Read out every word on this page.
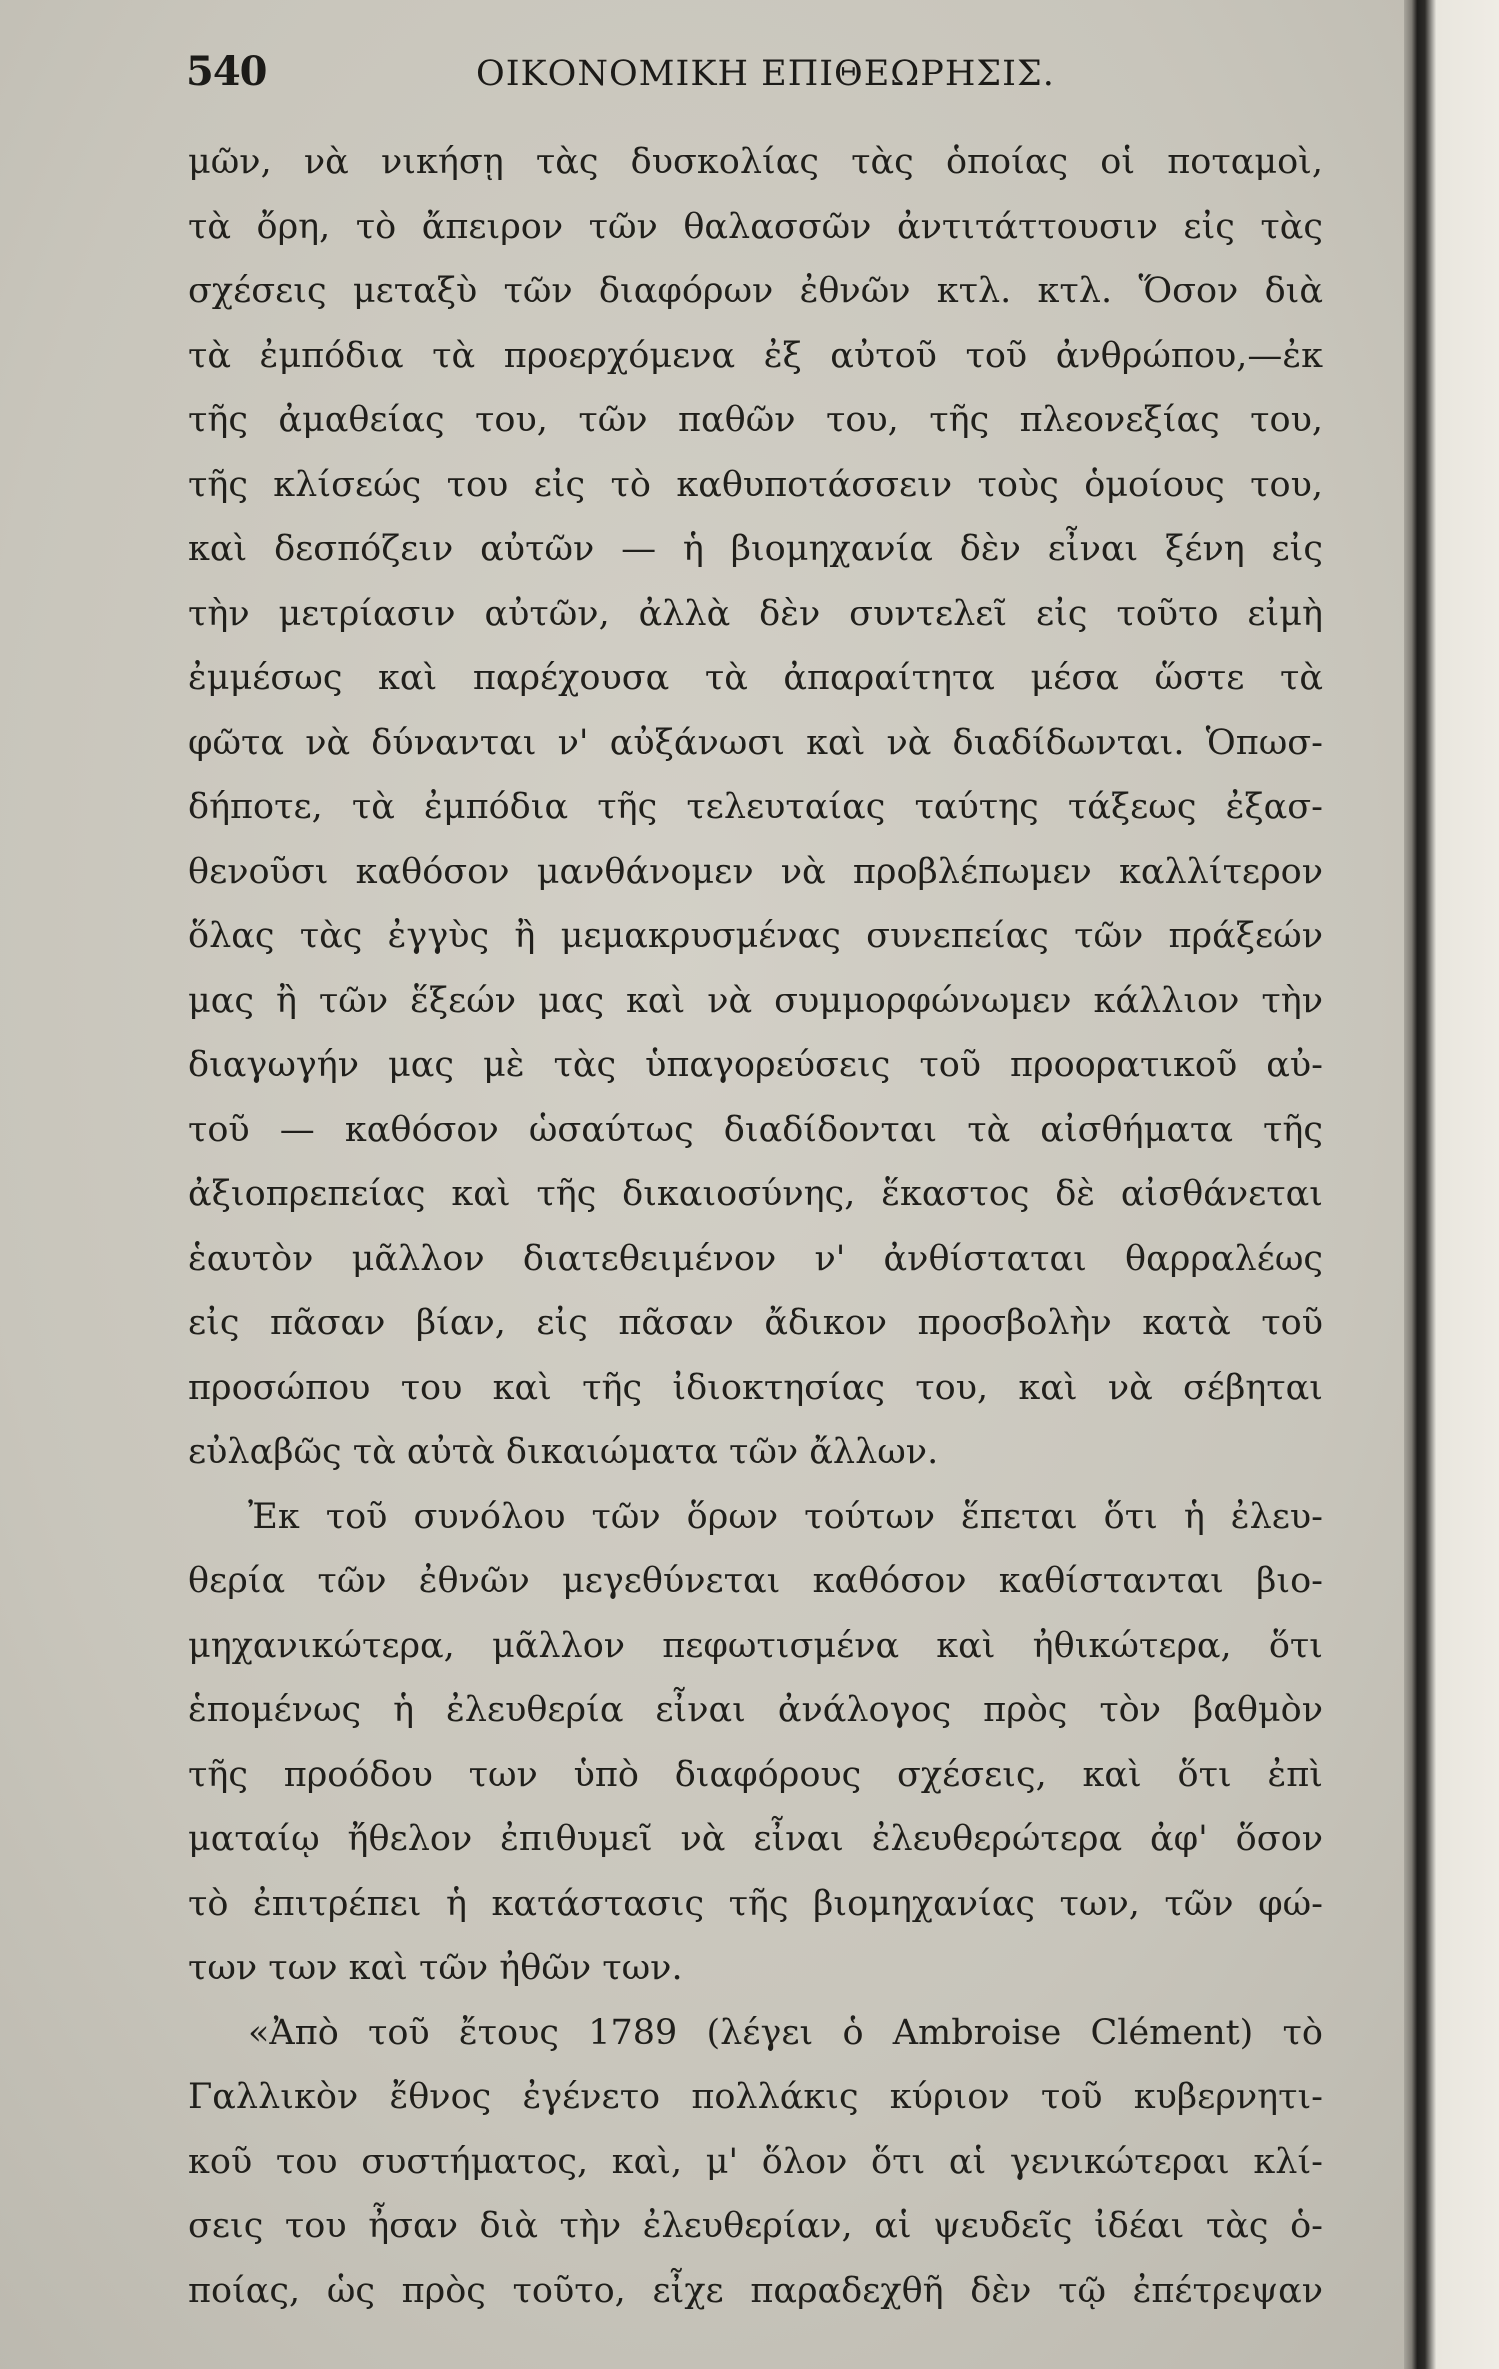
540	ΟΙΚΟΝΟΜΙΚΗ ΕΠΙΘΕΩΡΗΣΙΣ.
μῶν, νὰ νικήσῃ τὰς δυσκολίας τὰς ὁποίας οἱ ποταμοὶ,
τὰ ὄρη, τὸ ἄπειρον τῶν θαλασσῶν ἀντιτάττουσιν εἰς τὰς
σχέσεις μεταξὺ τῶν διαφόρων ἐθνῶν κτλ. κτλ. Ὅσον διὰ
τὰ ἐμπόδια τὰ προερχόμενα ἐξ αὐτοῦ τοῦ ἀνθρώπου,—ἐκ
τῆς ἀμαθείας του, τῶν παθῶν του, τῆς πλεονεξίας του,
τῆς κλίσεώς του εἰς τὸ καθυποτάσσειν τοὺς ὁμοίους του,
καὶ δεσπόζειν αὐτῶν — ἡ βιομηχανία δὲν εἶναι ξένη εἰς
τὴν μετρίασιν αὐτῶν, ἀλλὰ δὲν συντελεῖ εἰς τοῦτο εἰμὴ
ἐμμέσως καὶ παρέχουσα τὰ ἀπαραίτητα μέσα ὥστε τὰ
φῶτα νὰ δύνανται ν' αὐξάνωσι καὶ νὰ διαδίδωνται. Ὁπωσ-
δήποτε, τὰ ἐμπόδια τῆς τελευταίας ταύτης τάξεως ἐξασ-
θενοῦσι καθόσον μανθάνομεν νὰ προβλέπωμεν καλλίτερον
ὅλας τὰς ἐγγὺς ἢ μεμακρυσμένας συνεπείας τῶν πράξεών
μας ἢ τῶν ἕξεών μας καὶ νὰ συμμορφώνωμεν κάλλιον τὴν
διαγωγήν μας μὲ τὰς ὑπαγορεύσεις τοῦ προορατικοῦ αὐ-
τοῦ — καθόσον ὡσαύτως διαδίδονται τὰ αἰσθήματα τῆς
ἀξιοπρεπείας καὶ τῆς δικαιοσύνης, ἕκαστος δὲ αἰσθάνεται
ἑαυτὸν μᾶλλον διατεθειμένον ν' ἀνθίσταται θαρραλέως
εἰς πᾶσαν βίαν, εἰς πᾶσαν ἄδικον προσβολὴν κατὰ τοῦ
προσώπου του καὶ τῆς ἰδιοκτησίας του, καὶ νὰ σέβηται
εὐλαβῶς τὰ αὐτὰ δικαιώματα τῶν ἄλλων.
Ἐκ τοῦ συνόλου τῶν ὅρων τούτων ἕπεται ὅτι ἡ ἐλευ-
θερία τῶν ἐθνῶν μεγεθύνεται καθόσον καθίστανται βιο-
μηχανικώτερα, μᾶλλον πεφωτισμένα καὶ ἠθικώτερα, ὅτι
ἑπομένως ἡ ἐλευθερία εἶναι ἀνάλογος πρὸς τὸν βαθμὸν
τῆς προόδου των ὑπὸ διαφόρους σχέσεις, καὶ ὅτι ἐπὶ
ματαίῳ ἤθελον ἐπιθυμεῖ νὰ εἶναι ἐλευθερώτερα ἀφ' ὅσον
τὸ ἐπιτρέπει ἡ κατάστασις τῆς βιομηχανίας των, τῶν φώ-
των των καὶ τῶν ἠθῶν των.
«Ἀπὸ τοῦ ἔτους 1789 (λέγει ὁ Ambroise Clément) τὸ
Γαλλικὸν ἔθνος ἐγένετο πολλάκις κύριον τοῦ κυβερνητι-
κοῦ του συστήματος, καὶ, μ' ὅλον ὅτι αἱ γενικώτεραι κλί-
σεις του ἦσαν διὰ τὴν ἐλευθερίαν, αἱ ψευδεῖς ἰδέαι τὰς ὁ-
ποίας, ὡς πρὸς τοῦτο, εἶχε παραδεχθῆ δὲν τῷ ἐπέτρεψαν
